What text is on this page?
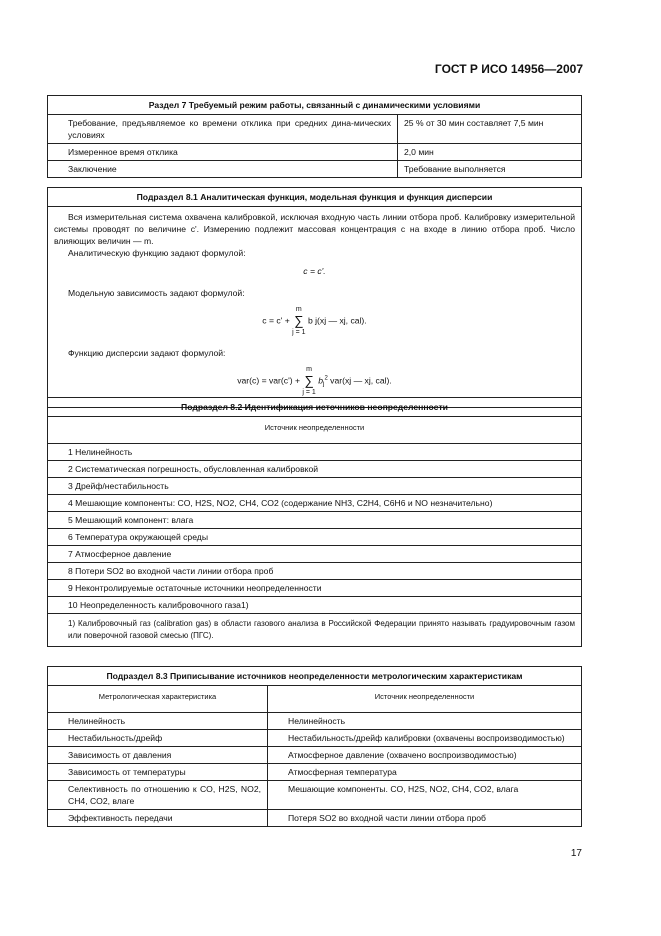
ГОСТ Р ИСО 14956—2007
Раздел 7 Требуемый режим работы, связанный с динамическими условиями	
Требование, предъявляемое ко времени отклика при средних дина-мических условиях	25 % от 30 мин составляет 7,5 мин
Измеренное время отклика	2,0 мин
Заключение	Требование выполняется
Подраздел 8.1 Аналитическая функция, модельная функция и функция дисперсии

Вся измерительная система охвачена калибровкой, исключая входную часть линии отбора проб. Калибровку измерительной системы проводят по величине c'. Измерению подлежит массовая концентрация c на входе в линию отбора проб. Число влияющих величин — m.

Аналитическую функцию задают формулой:

c = c'.

Модельную зависимость задают формулой:

c = c' + m
∑
j = 1 b j(xj — xj, cal).

Функцию дисперсии задают формулой:

var(c) = var(c') + m
∑
j = 1 $b_j^2$ var(xj — xj, cal).
Подраздел 8.2 Идентификация источников неопределенности
Источник неопределенности
1 Нелинейность
2 Систематическая погрешность, обусловленная калибровкой
3 Дрейф/нестабильность
4 Мешающие компоненты: CO, H2S, NO2, CH4, CO2 (содержание NH3, C2H4, C6H6 и NO незначительно)
5 Мешающий компонент: влага
6 Температура окружающей среды
7 Атмосферное давление
8 Потери SO2 во входной части линии отбора проб
9 Неконтролируемые остаточные источники неопределенности
10 Неопределенность калибровочного газа1)
1) Калибровочный газ (calibration gas) в области газового анализа в Российской Федерации принято называть градуировочным газом или поверочной газовой смесью (ПГС).
Подраздел 8.3 Приписывание источников неопределенности метрологическим характеристикам	
Метрологическая характеристика	Источник неопределенности
Нелинейность	Нелинейность
Нестабильность/дрейф	Нестабильность/дрейф калибровки (охвачены воспроизводимостью)
Зависимость от давления	Атмосферное давление (охвачено воспроизводимостью)
Зависимость от температуры	Атмосферная температура
Селективность по отношению к CO, H2S, NO2, CH4, CO2, влаге	Мешающие компоненты. CO, H2S, NO2, CH4, CO2, влага
Эффективность передачи	Потеря SO2 во входной части линии отбора проб
17
